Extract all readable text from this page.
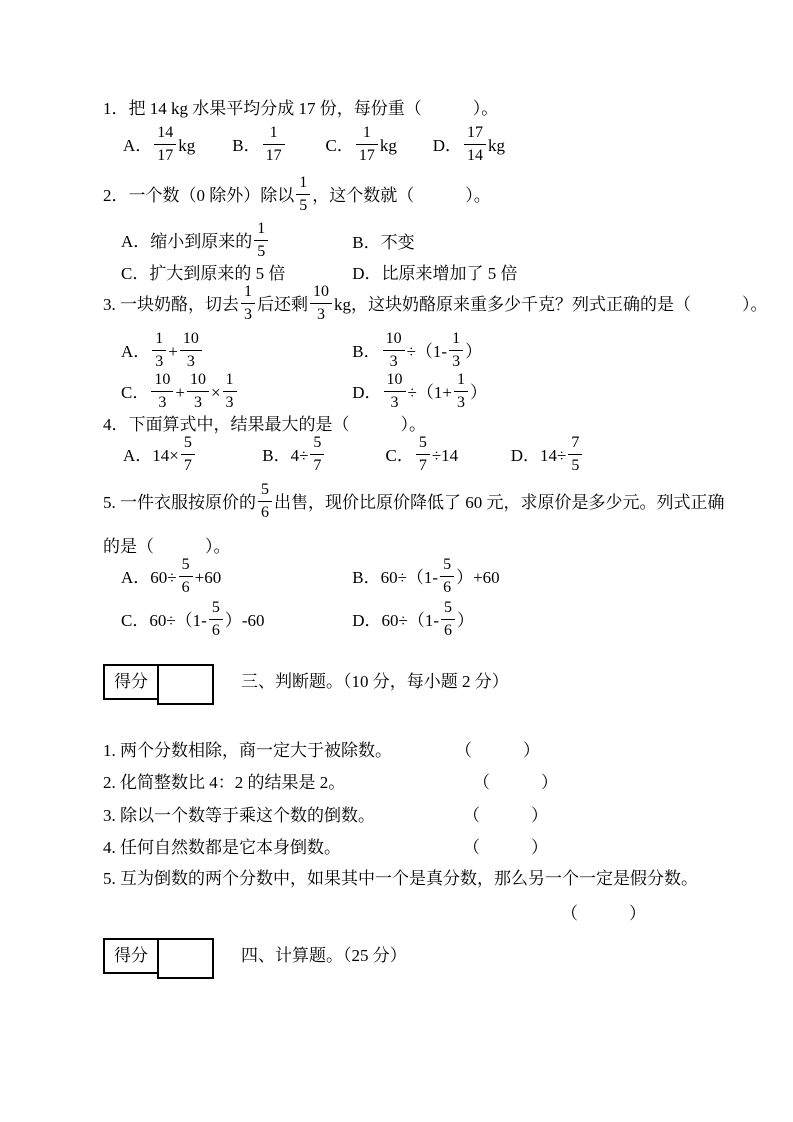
1．把 14 kg 水果平均分成 17 份，每份重（　　　）。
A． $\frac{14}{17}$ kg B． $\frac{1}{17}$ C． $\frac{1}{17}$ kg D． $\frac{17}{14}$ kg
2．一个数（0 除外）除以 $\frac{1}{5}$ ，这个数就（　　　）。
A．缩小到原来的 $\frac{1}{5}$	B．不变
C．扩大到原来的 5 倍	D．比原来增加了 5 倍
3. 一块奶酪，切去 $\frac{1}{3}$ 后还剩 $\frac{10}{3}$ kg，这块奶酪原来重多少千克？列式正确的是（　　　）。
A． $\frac{1}{3} + \frac{10}{3}$	B． $\frac{10}{3} \div(1- \frac{1}{3}$ ）
C． $\frac{10}{3} + \frac{10}{3} \times \frac{1}{3}$	D． $\frac{10}{3} \div(1+ \frac{1}{3}$ ）
4．下面算式中，结果最大的是（　　　）。
A．$14\times \frac{5}{7}$	B．$4\div \frac{5}{7}$	C． $\frac{5}{7} \div 14$	D．$14\div \frac{7}{5}$
5. 一件衣服按原价的 $\frac{5}{6}$ 出售，现价比原价降低了 60 元，求原价是多少元。列式正确
的是（　　　）。
A．$60\div \frac{5}{6} +60$	B．$60\div(1- \frac{5}{6} )+60$
C．$60\div(1- \frac{5}{6} )-60$	D．$60\div(1- \frac{5}{6}$ ）
得分	三、判断题。（10 分，每小题 2 分）
1. 两个分数相除，商一定大于被除数。	（　　　）
2. 化简整数比 4：2 的结果是 2。	（　　　）
3. 除以一个数等于乘这个数的倒数。	（　　　）
4. 任何自然数都是它本身倒数。	（　　　）
5. 互为倒数的两个分数中，如果其中一个是真分数，那么另一个一定是假分数。
（　　　）
得分	四、计算题。（25 分）
